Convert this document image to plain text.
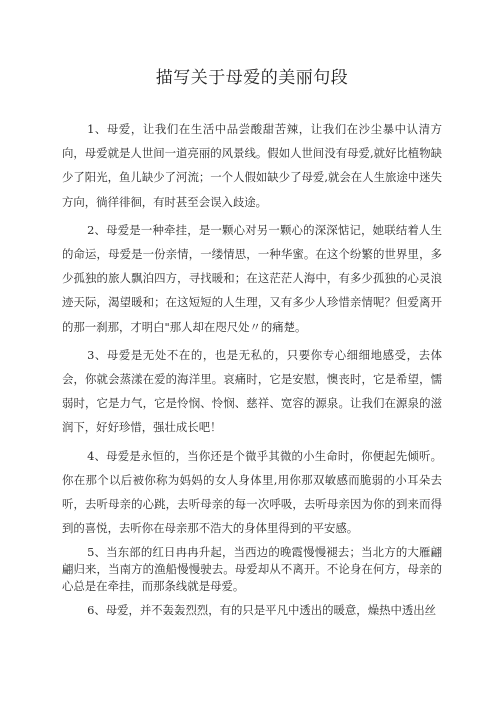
描写关于母爱的美丽句段

1、母爱，让我们在生活中品尝酸甜苦辣，让我们在沙尘暴中认清方向，母爱就是人世间一道亮丽的风景线。假如人世间没有母爱,就好比植物缺少了阳光，鱼儿缺少了河流；一个人假如缺少了母爱,就会在人生旅途中迷失方向，徜徉徘徊，有时甚至会误入歧途。

2、母爱是一种牵挂，是一颗心对另一颗心的深深惦记，她联结着人生的命运，母爱是一份亲情，一缕情思，一种华蜜。在这个纷繁的世界里，多少孤独的旅人飘泊四方，寻找暖和；在这茫茫人海中，有多少孤独的心灵浪迹天际，渴望暖和；在这短短的人生理，又有多少人珍惜亲情呢？但爱离开的那一刹那，才明白"那人却在咫尺处〃的痛楚。

3、母爱是无处不在的，也是无私的，只要你专心细细地感受，去体会，你就会蒸漾在爱的海洋里。哀痛时，它是安慰，懊丧时，它是希望，懦弱时，它是力气，它是怜悯、怜悯、慈祥、宽容的源泉。让我们在源泉的滋润下，好好珍惜，强壮成长吧！

4、母爱是永恒的，当你还是个微乎其微的小生命时，你便起先倾听。你在那个以后被你称为妈妈的女人身体里,用你那双敏感而脆弱的小耳朵去听，去听母亲的心跳，去听母亲的每一次呼吸，去听母亲因为你的到来而得到的喜悦，去听你在母亲那不浩大的身体里得到的平安感。

5、当东部的红日冉冉升起，当西边的晚霞慢慢褪去；当北方的大雁翩翩归来，当南方的渔船慢慢驶去。母爱却从不离开。不论身在何方，母亲的心总是在牵挂，而那条线就是母爱。

6、母爱，并不轰轰烈烈，有的只是平凡中透出的暖意，燥热中透出丝
